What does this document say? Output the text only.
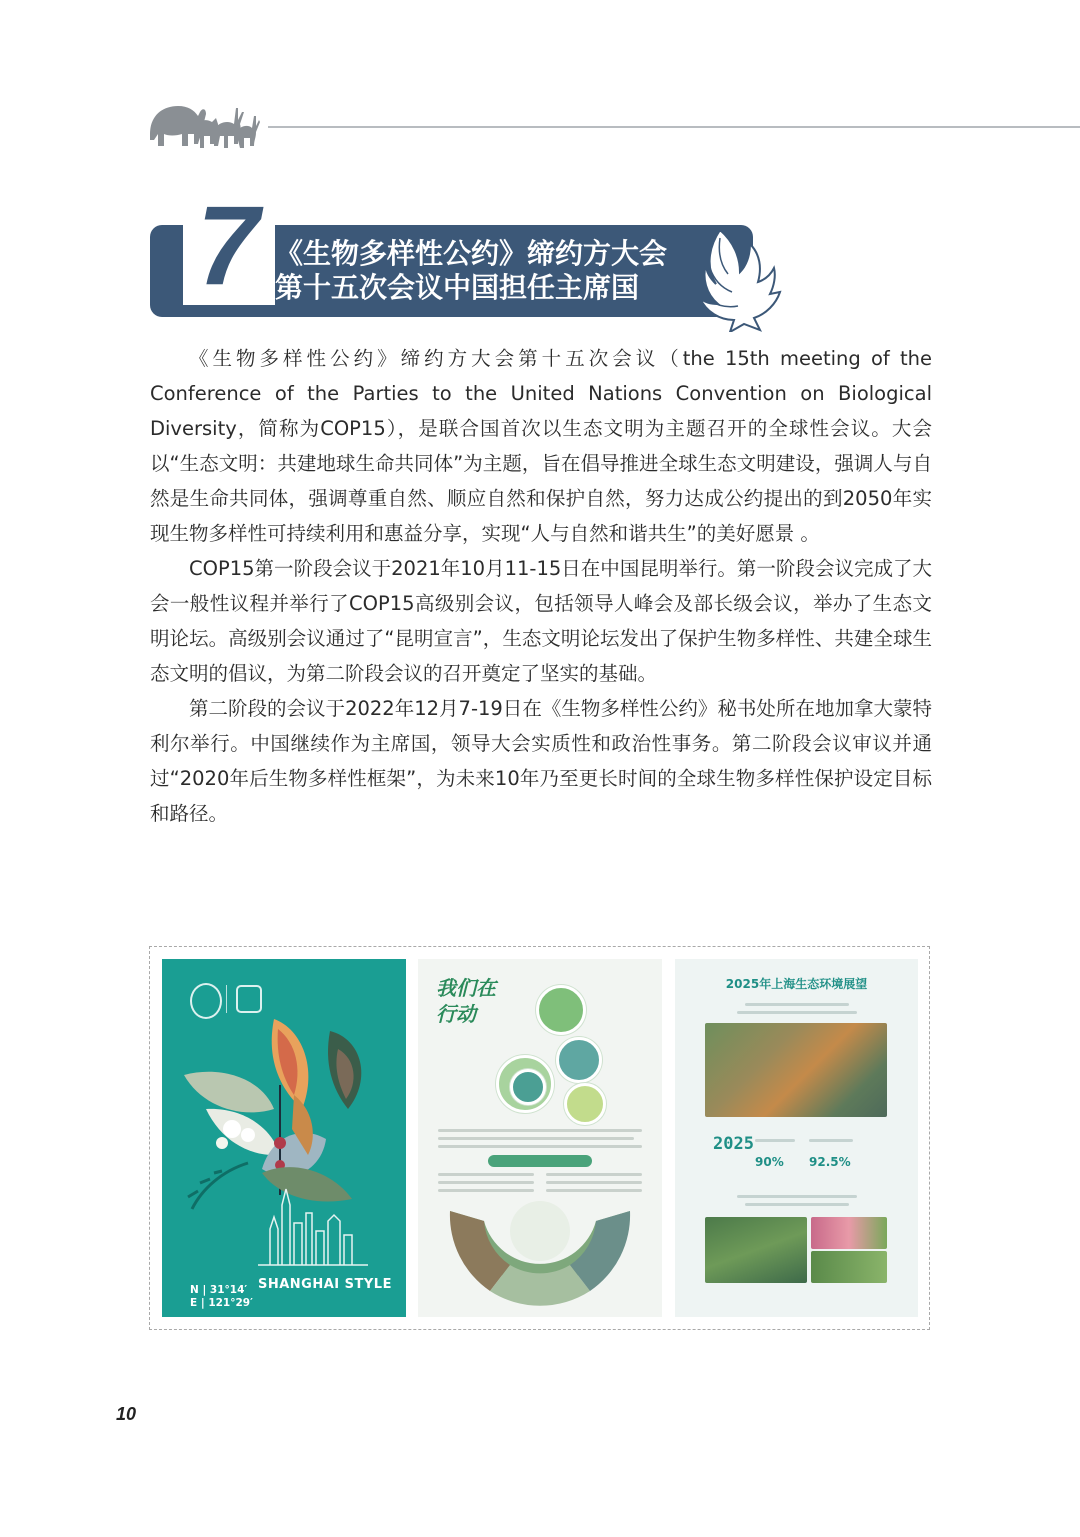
7 《生物多样性公约》缔约方大会
第十五次会议中国担任主席国

《生物多样性公约》缔约方大会第十五次会议（the 15th meeting of the Conference of the Parties to the United Nations Convention on Biological Diversity，简称为COP15），是联合国首次以生态文明为主题召开的全球性会议。大会以“生态文明：共建地球生命共同体”为主题，旨在倡导推进全球生态文明建设，强调人与自然是生命共同体，强调尊重自然、顺应自然和保护自然，努力达成公约提出的到2050年实现生物多样性可持续利用和惠益分享，实现“人与自然和谐共生”的美好愿景 。

COP15第一阶段会议于2021年10月11-15日在中国昆明举行。第一阶段会议完成了大会一般性议程并举行了COP15高级别会议，包括领导人峰会及部长级会议，举办了生态文明论坛。高级别会议通过了“昆明宣言”，生态文明论坛发出了保护生物多样性、共建全球生态文明的倡议，为第二阶段会议的召开奠定了坚实的基础。

第二阶段的会议于2022年12月7-19日在《生物多样性公约》秘书处所在地加拿大蒙特利尔举行。中国继续作为主席国，领导大会实质性和政治性事务。第二阶段会议审议并通过“2020年后生物多样性框架”，为未来10年乃至更长时间的全球生物多样性保护设定目标和路径。

N | 31°14′
E | 121°29′
SHANGHAI STYLE
我们在行动
2025年上海生态环境展望
2025
90% 92.5%
10
